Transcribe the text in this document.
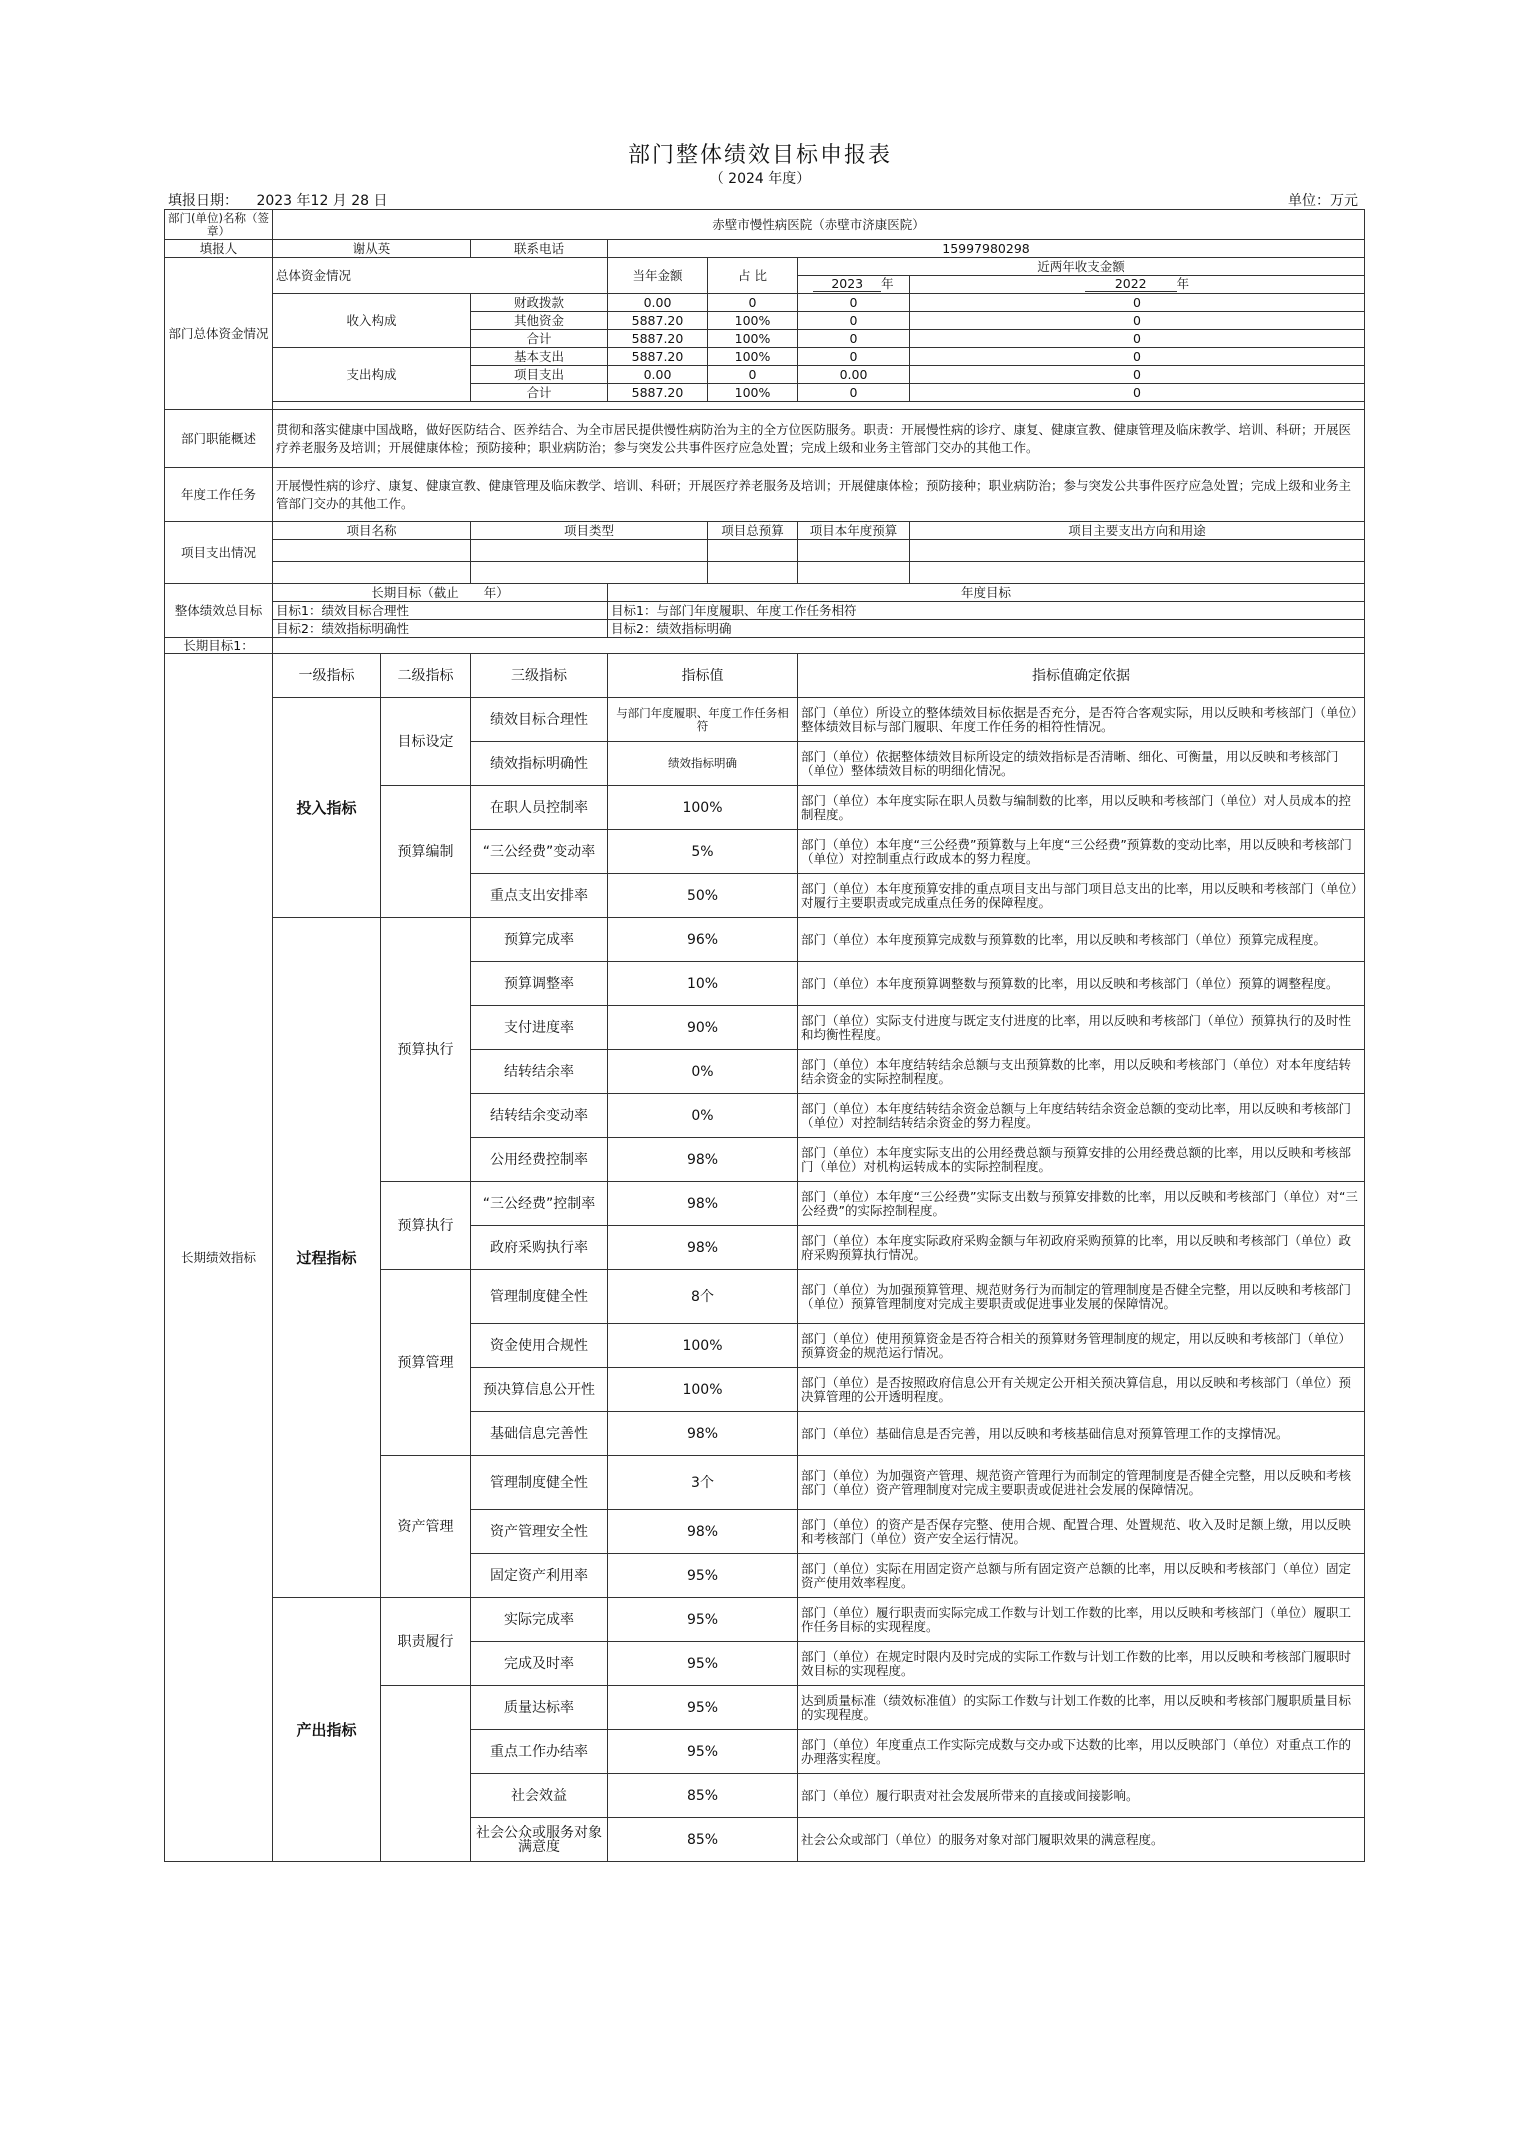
部门整体绩效目标申报表
（ 2024 年度）
填报日期： 2023 年12 月 28 日	单位：万元
部门(单位)名称（签章）	赤壁市慢性病医院（赤壁市济康医院）						
填报人	谢从英		联系电话	15997980298			
部门总体资金情况	总体资金情况			当年金额	占 比	近两年收支金额	
						2023 年	2022 年
	收入构成		财政拨款	0.00	0	0	0
			其他资金	5887.20	100%	0	0
			合计	5887.20	100%	0	0
	支出构成		基本支出	5887.20	100%	0	0
			项目支出	0.00	0	0.00	0
			合计	5887.20	100%	0	0

部门职能概述	贯彻和落实健康中国战略，做好医防结合、医养结合、为全市居民提供慢性病防治为主的全方位医防服务。职责：开展慢性病的诊疗、康复、健康宣教、健康管理及临床教学、培训、科研；开展医疗养老服务及培训；开展健康体检；预防接种；职业病防治；参与突发公共事件医疗应急处置；完成上级和业务主管部门交办的其他工作。						
年度工作任务	开展慢性病的诊疗、康复、健康宣教、健康管理及临床教学、培训、科研；开展医疗养老服务及培训；开展健康体检；预防接种；职业病防治；参与突发公共事件医疗应急处置；完成上级和业务主管部门交办的其他工作。						
项目支出情况	项目名称		项目类型		项目总预算	项目本年度预算	项目主要支出方向和用途

整体绩效总目标	长期目标（截止　　年）			年度目标			
	目标1：绩效目标合理性			目标1：与部门年度履职、年度工作任务相符			
	目标2：绩效指标明确性			目标2：绩效指标明确			
长期目标1：							
长期绩效指标	一级指标	二级指标	三级指标	指标值		指标值确定依据	
	投入指标	目标设定	绩效目标合理性	与部门年度履职、年度工作任务相符		部门（单位）所设立的整体绩效目标依据是否充分，是否符合客观实际，用以反映和考核部门（单位）整体绩效目标与部门履职、年度工作任务的相符性情况。	
			绩效指标明确性	绩效指标明确		部门（单位）依据整体绩效目标所设定的绩效指标是否清晰、细化、可衡量，用以反映和考核部门（单位）整体绩效目标的明细化情况。	
		预算编制	在职人员控制率	100%		部门（单位）本年度实际在职人员数与编制数的比率，用以反映和考核部门（单位）对人员成本的控制程度。	
			“三公经费”变动率	5%		部门（单位）本年度“三公经费”预算数与上年度“三公经费”预算数的变动比率，用以反映和考核部门（单位）对控制重点行政成本的努力程度。	
			重点支出安排率	50%		部门（单位）本年度预算安排的重点项目支出与部门项目总支出的比率，用以反映和考核部门（单位）对履行主要职责或完成重点任务的保障程度。	
	过程指标	预算执行	预算完成率	96%		部门（单位）本年度预算完成数与预算数的比率，用以反映和考核部门（单位）预算完成程度。	
			预算调整率	10%		部门（单位）本年度预算调整数与预算数的比率，用以反映和考核部门（单位）预算的调整程度。	
			支付进度率	90%		部门（单位）实际支付进度与既定支付进度的比率，用以反映和考核部门（单位）预算执行的及时性和均衡性程度。	
			结转结余率	0%		部门（单位）本年度结转结余总额与支出预算数的比率，用以反映和考核部门（单位）对本年度结转结余资金的实际控制程度。	
			结转结余变动率	0%		部门（单位）本年度结转结余资金总额与上年度结转结余资金总额的变动比率，用以反映和考核部门（单位）对控制结转结余资金的努力程度。	
			公用经费控制率	98%		部门（单位）本年度实际支出的公用经费总额与预算安排的公用经费总额的比率，用以反映和考核部门（单位）对机构运转成本的实际控制程度。	
		预算执行	“三公经费”控制率	98%		部门（单位）本年度“三公经费”实际支出数与预算安排数的比率，用以反映和考核部门（单位）对“三公经费”的实际控制程度。	
			政府采购执行率	98%		部门（单位）本年度实际政府采购金额与年初政府采购预算的比率，用以反映和考核部门（单位）政府采购预算执行情况。	
		预算管理	管理制度健全性	8个		部门（单位）为加强预算管理、规范财务行为而制定的管理制度是否健全完整，用以反映和考核部门（单位）预算管理制度对完成主要职责或促进事业发展的保障情况。	
			资金使用合规性	100%		部门（单位）使用预算资金是否符合相关的预算财务管理制度的规定，用以反映和考核部门（单位）预算资金的规范运行情况。	
			预决算信息公开性	100%		部门（单位）是否按照政府信息公开有关规定公开相关预决算信息，用以反映和考核部门（单位）预决算管理的公开透明程度。	
			基础信息完善性	98%		部门（单位）基础信息是否完善，用以反映和考核基础信息对预算管理工作的支撑情况。	
		资产管理	管理制度健全性	3个		部门（单位）为加强资产管理、规范资产管理行为而制定的管理制度是否健全完整，用以反映和考核部门（单位）资产管理制度对完成主要职责或促进社会发展的保障情况。	
			资产管理安全性	98%		部门（单位）的资产是否保存完整、使用合规、配置合理、处置规范、收入及时足额上缴，用以反映和考核部门（单位）资产安全运行情况。	
			固定资产利用率	95%		部门（单位）实际在用固定资产总额与所有固定资产总额的比率，用以反映和考核部门（单位）固定资产使用效率程度。	
	产出指标	职责履行	实际完成率	95%		部门（单位）履行职责而实际完成工作数与计划工作数的比率，用以反映和考核部门（单位）履职工作任务目标的实现程度。	
			完成及时率	95%		部门（单位）在规定时限内及时完成的实际工作数与计划工作数的比率，用以反映和考核部门履职时效目标的实现程度。	
			质量达标率	95%		达到质量标准（绩效标准值）的实际工作数与计划工作数的比率，用以反映和考核部门履职质量目标的实现程度。	
			重点工作办结率	95%		部门（单位）年度重点工作实际完成数与交办或下达数的比率，用以反映部门（单位）对重点工作的办理落实程度。	
			社会效益	85%		部门（单位）履行职责对社会发展所带来的直接或间接影响。	
			社会公众或服务对象满意度	85%		社会公众或部门（单位）的服务对象对部门履职效果的满意程度。	
